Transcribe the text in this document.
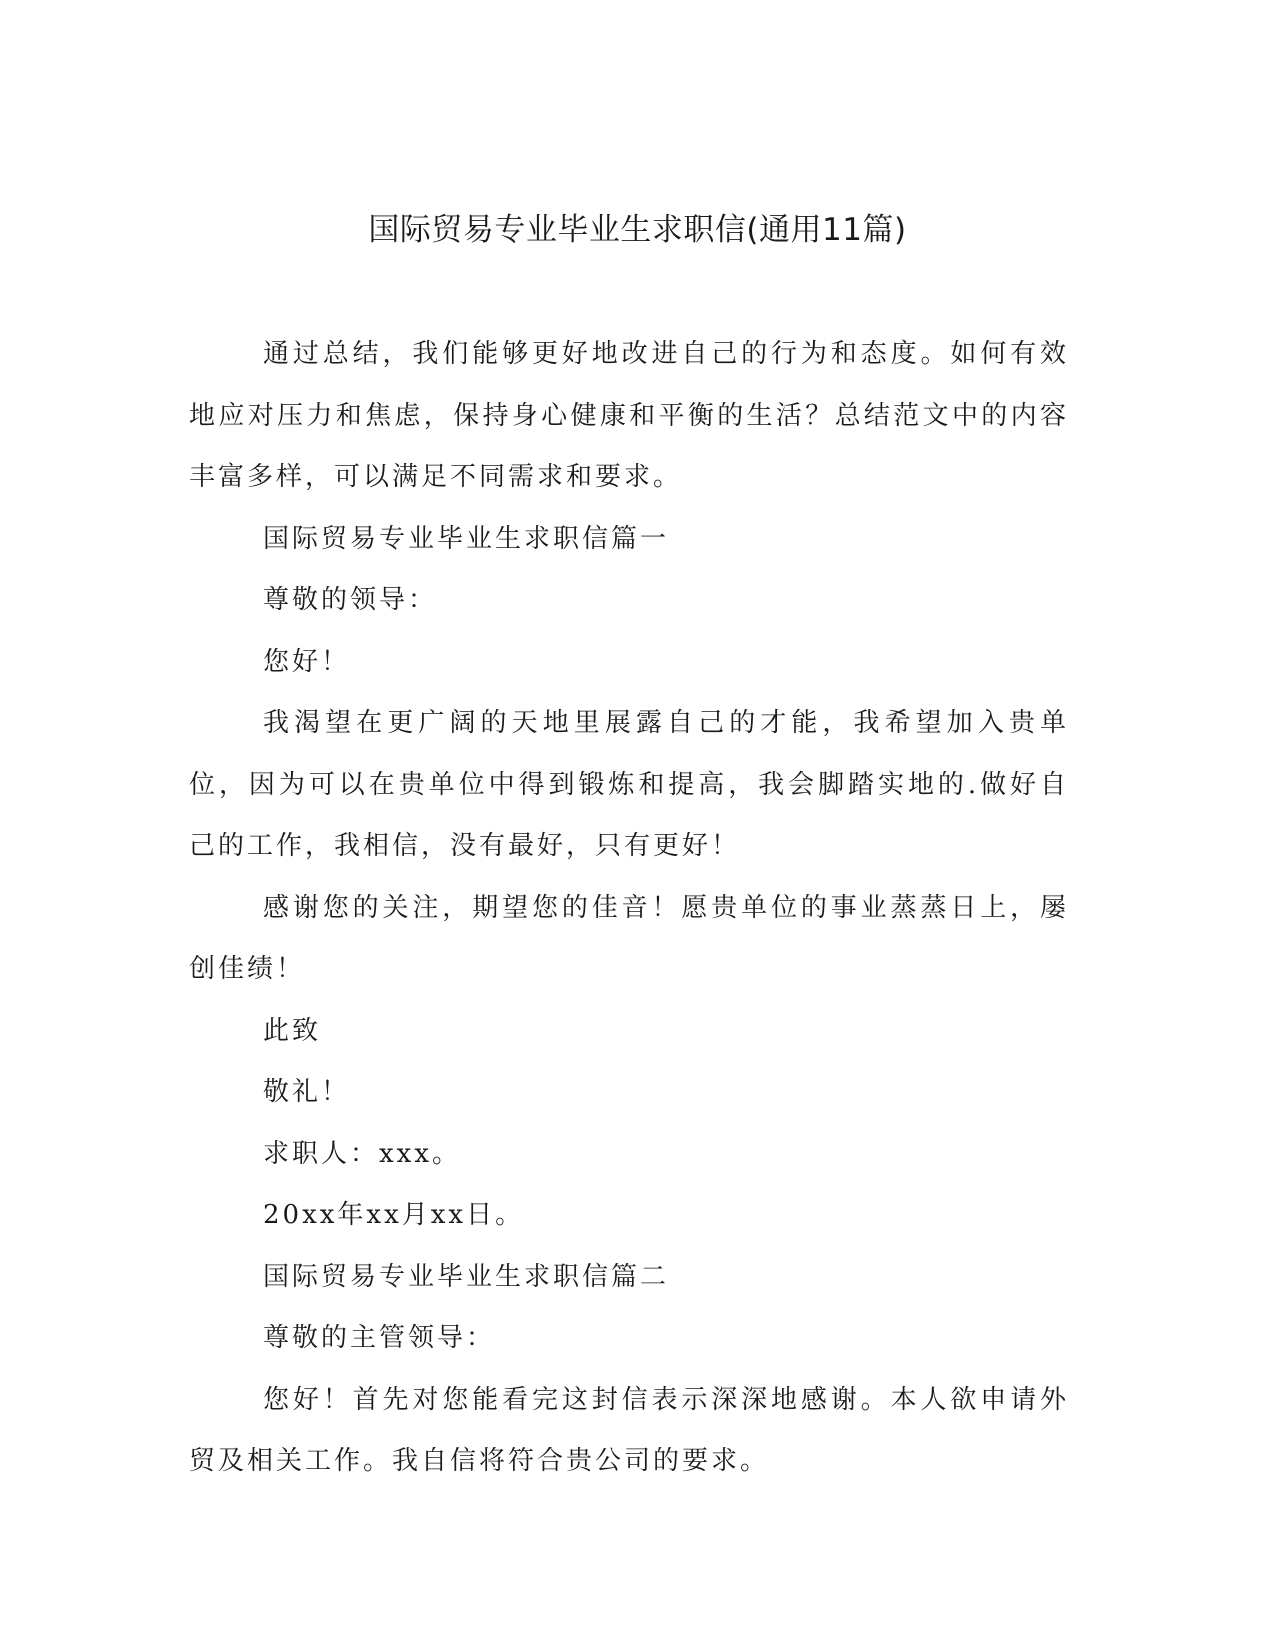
国际贸易专业毕业生求职信(通用11篇)

通过总结，我们能够更好地改进自己的行为和态度。如何有效地应对压力和焦虑，保持身心健康和平衡的生活？总结范文中的内容丰富多样，可以满足不同需求和要求。

国际贸易专业毕业生求职信篇一

尊敬的领导：

您好！

我渴望在更广阔的天地里展露自己的才能，我希望加入贵单位，因为可以在贵单位中得到锻炼和提高，我会脚踏实地的.做好自己的工作，我相信，没有最好，只有更好！

感谢您的关注，期望您的佳音！愿贵单位的事业蒸蒸日上，屡创佳绩！

此致

敬礼！

求职人：xxx。

20xx年xx月xx日。

国际贸易专业毕业生求职信篇二

尊敬的主管领导：

您好！首先对您能看完这封信表示深深地感谢。本人欲申请外贸及相关工作。我自信将符合贵公司的要求。
